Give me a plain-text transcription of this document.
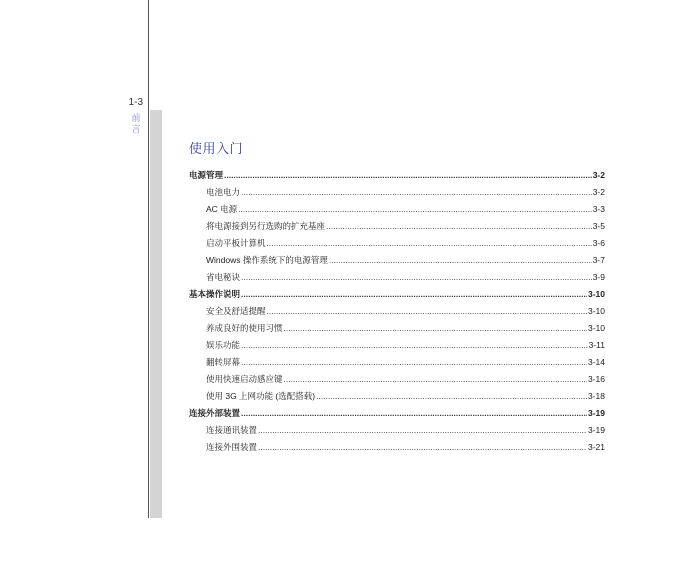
1-3
前言
使用入门
电源管理 .....	3-2
电池电力 .....	3-2
AC 电源 .....	3-3
将电源接到另行选购的扩充基座 .....	3-5
启动平板计算机 .....	3-6
Windows 操作系统下的电源管理 .....	3-7
省电秘诀 .....	3-9
基本操作说明 .....	3-10
安全及舒适提醒 .....	3-10
养成良好的使用习惯 .....	3-10
娱乐功能 .....	3-11
翻转屏幕 .....	3-14
使用快速启动感应键 .....	3-16
使用 3G 上网功能 (选配搭载) .....	3-18
连接外部装置 .....	3-19
连接通讯装置 .....	3-19
连接外围装置 .....	3-21
